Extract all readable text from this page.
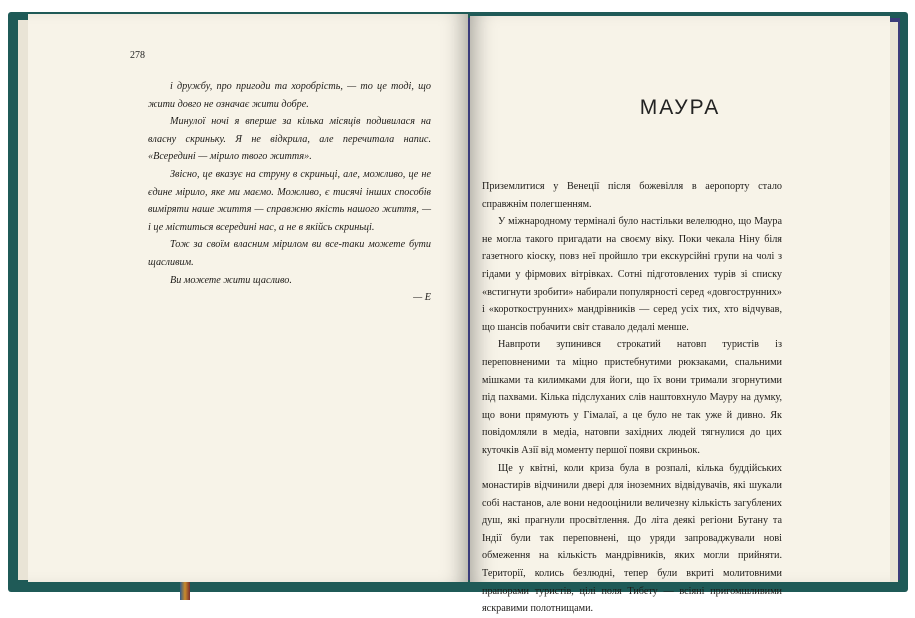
278

і дружбу, про пригоди та хоробрість, — то це тоді, що жити довго не означає жити добре.

Минулої ночі я вперше за кілька місяців подивилася на власну скриньку. Я не відкрила, але перечитала напис. «Всередині — мірило твого життя».

Звісно, це вказує на струну в скриньці, але, можливо, це не єдине мірило, яке ми маємо. Можливо, є тисячі інших способів виміряти наше життя — справжню якість нашого життя, — і це міститься всередині нас, а не в якійсь скриньці.

Тож за своїм власним мірилом ви все-таки можете бути щасливим.

Ви можете жити щасливо.

— Е

МАУРА

Приземлитися у Венеції після божевілля в аеропорту стало справжнім полегшенням.

У міжнародному терміналі було настільки велелюдно, що Маура не могла такого пригадати на своєму віку. Поки чекала Ніну біля газетного кіоску, повз неї пройшло три екскурсійні групи на чолі з гідами у фірмових вітрівках. Сотні підготовлених турів зі списку «встигнути зробити» набирали популярності серед «довгострунних» і «короткострунних» мандрівників — серед усіх тих, хто відчував, що шансів побачити світ ставало дедалі менше.

Навпроти зупинився строкатий натовп туристів із переповненими та міцно пристебнутими рюкзаками, спальними мішками та килимками для йоги, що їх вони тримали згорнутими під пахвами. Кілька підслуханих слів наштовхнуло Мауру на думку, що вони прямують у Гімалаї, а це було не так уже й дивно. Як повідомляли в медіа, натовпи західних людей тягнулися до цих куточків Азії від моменту першої появи скриньок.

Ще у квітні, коли криза була в розпалі, кілька буддійських монастирів відчинили двері для іноземних відвідувачів, які шукали собі настанов, але вони недооцінили величезну кількість загублених душ, які прагнули просвітлення. До літа деякі регіони Бутану та Індії були так переповнені, що уряди запроваджували нові обмеження на кількість мандрівників, яких могли прийняти. Території, колись безлюдні, тепер були вкриті молитовними прапорами туристів, цілі поля Тибету — всіяні пригомшливими яскравими полотнищами.
